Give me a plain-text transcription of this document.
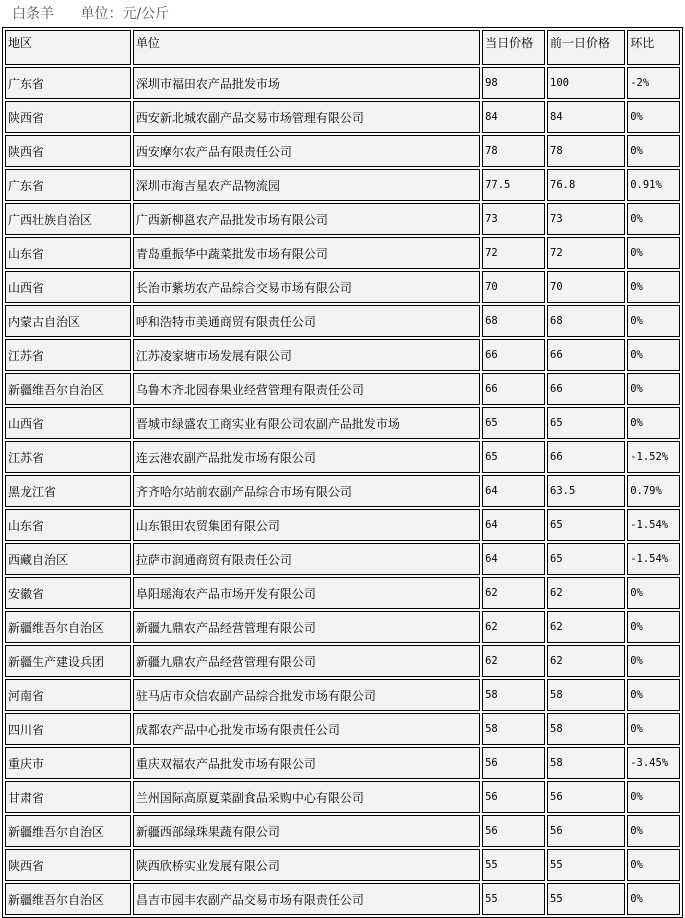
白条羊 单位：元/公斤
地区	单位	当日价格	前一日价格	环比
广东省	深圳市福田农产品批发市场	98	100	-2%
陕西省	西安新北城农副产品交易市场管理有限公司	84	84	0%
陕西省	西安摩尔农产品有限责任公司	78	78	0%
广东省	深圳市海吉星农产品物流园	77.5	76.8	0.91%
广西壮族自治区	广西新柳邕农产品批发市场有限公司	73	73	0%
山东省	青岛重振华中蔬菜批发市场有限公司	72	72	0%
山西省	长治市紫坊农产品综合交易市场有限公司	70	70	0%
内蒙古自治区	呼和浩特市美通商贸有限责任公司	68	68	0%
江苏省	江苏凌家塘市场发展有限公司	66	66	0%
新疆维吾尔自治区	乌鲁木齐北园春果业经营管理有限责任公司	66	66	0%
山西省	晋城市绿盛农工商实业有限公司农副产品批发市场	65	65	0%
江苏省	连云港农副产品批发市场有限公司	65	66	-1.52%
黑龙江省	齐齐哈尔站前农副产品综合市场有限公司	64	63.5	0.79%
山东省	山东银田农贸集团有限公司	64	65	-1.54%
西藏自治区	拉萨市润通商贸有限责任公司	64	65	-1.54%
安徽省	阜阳瑶海农产品市场开发有限公司	62	62	0%
新疆维吾尔自治区	新疆九鼎农产品经营管理有限公司	62	62	0%
新疆生产建设兵团	新疆九鼎农产品经营管理有限公司	62	62	0%
河南省	驻马店市众信农副产品综合批发市场有限公司	58	58	0%
四川省	成都农产品中心批发市场有限责任公司	58	58	0%
重庆市	重庆双福农产品批发市场有限公司	56	58	-3.45%
甘肃省	兰州国际高原夏菜副食品采购中心有限公司	56	56	0%
新疆维吾尔自治区	新疆西部绿珠果蔬有限公司	56	56	0%
陕西省	陕西欣桥实业发展有限公司	55	55	0%
新疆维吾尔自治区	昌吉市园丰农副产品交易市场有限责任公司	55	55	0%
